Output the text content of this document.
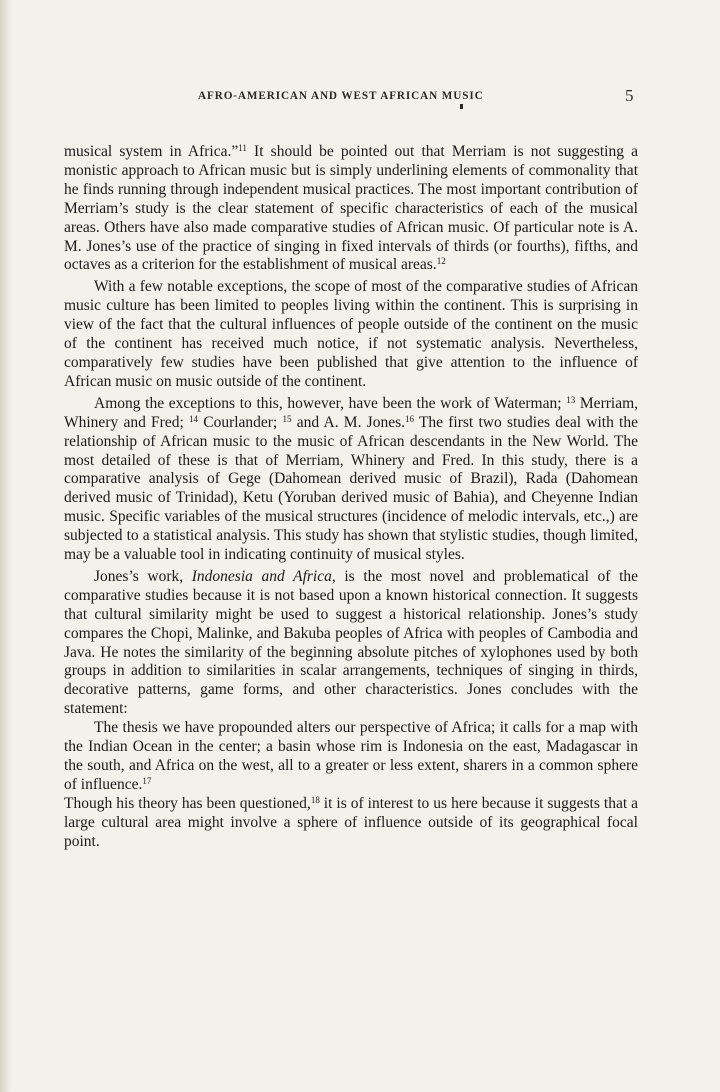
AFRO-AMERICAN AND WEST AFRICAN MUSIC	5

musical system in Africa.”$^{11}$ It should be pointed out that Merriam is not suggesting a monistic approach to African music but is simply underlining elements of commonality that he finds running through independent musical practices. The most important contribution of Merriam’s study is the clear statement of specific characteristics of each of the musical areas. Others have also made comparative studies of African music. Of particular note is A. M. Jones’s use of the practice of singing in fixed intervals of thirds (or fourths), fifths, and octaves as a criterion for the establishment of musical areas.$^{12}$

With a few notable exceptions, the scope of most of the comparative studies of African music culture has been limited to peoples living within the continent. This is surprising in view of the fact that the cultural influences of people outside of the continent on the music of the continent has received much notice, if not systematic analysis. Nevertheless, comparatively few studies have been published that give attention to the influence of African music on music outside of the continent.

Among the exceptions to this, however, have been the work of Waterman; $^{13}$ Merriam, Whinery and Fred; $^{14}$ Courlander; $^{15}$ and A. M. Jones.$^{16}$ The first two studies deal with the relationship of African music to the music of African descendants in the New World. The most detailed of these is that of Merriam, Whinery and Fred. In this study, there is a comparative analysis of Gege (Dahomean derived music of Brazil), Rada (Dahomean derived music of Trinidad), Ketu (Yoruban derived music of Bahia), and Cheyenne Indian music. Specific variables of the musical structures (incidence of melodic intervals, etc.,) are subjected to a statistical analysis. This study has shown that stylistic studies, though limited, may be a valuable tool in indicating continuity of musical styles.

Jones’s work, Indonesia and Africa, is the most novel and problematical of the comparative studies because it is not based upon a known historical connection. It suggests that cultural similarity might be used to suggest a historical relationship. Jones’s study compares the Chopi, Malinke, and Bakuba peoples of Africa with peoples of Cambodia and Java. He notes the similarity of the beginning absolute pitches of xylophones used by both groups in addition to similarities in scalar arrangements, techniques of singing in thirds, decorative patterns, game forms, and other characteristics. Jones concludes with the statement:

The thesis we have propounded alters our perspective of Africa; it calls for a map with the Indian Ocean in the center; a basin whose rim is Indonesia on the east, Madagascar in the south, and Africa on the west, all to a greater or less extent, sharers in a common sphere of influence.$^{17}$

Though his theory has been questioned,$^{18}$ it is of interest to us here because it suggests that a large cultural area might involve a sphere of influence outside of its geographical focal point.
